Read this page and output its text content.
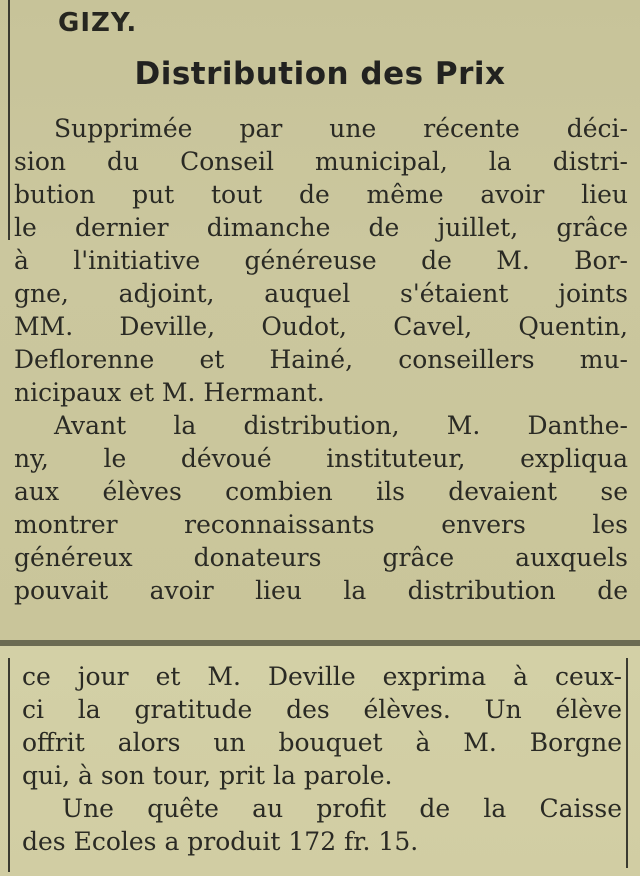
GIZY.
Distribution des Prix
Supprimée par une récente déci-
sion du Conseil municipal, la distri-
bution put tout de même avoir lieu
le dernier dimanche de juillet, grâce
à l'initiative généreuse de M. Bor-
gne, adjoint, auquel s'étaient joints
MM. Deville, Oudot, Cavel, Quentin,
Deflorenne et Hainé, conseillers mu-
nicipaux et M. Hermant.
Avant la distribution, M. Danthe-
ny, le dévoué instituteur, expliqua
aux élèves combien ils devaient se
montrer reconnaissants envers les
généreux donateurs grâce auxquels
pouvait avoir lieu la distribution de
ce jour et M. Deville exprima à ceux-
ci la gratitude des élèves. Un élève
offrit alors un bouquet à M. Borgne
qui, à son tour, prit la parole.
Une quête au profit de la Caisse
des Ecoles a produit 172 fr. 15.
